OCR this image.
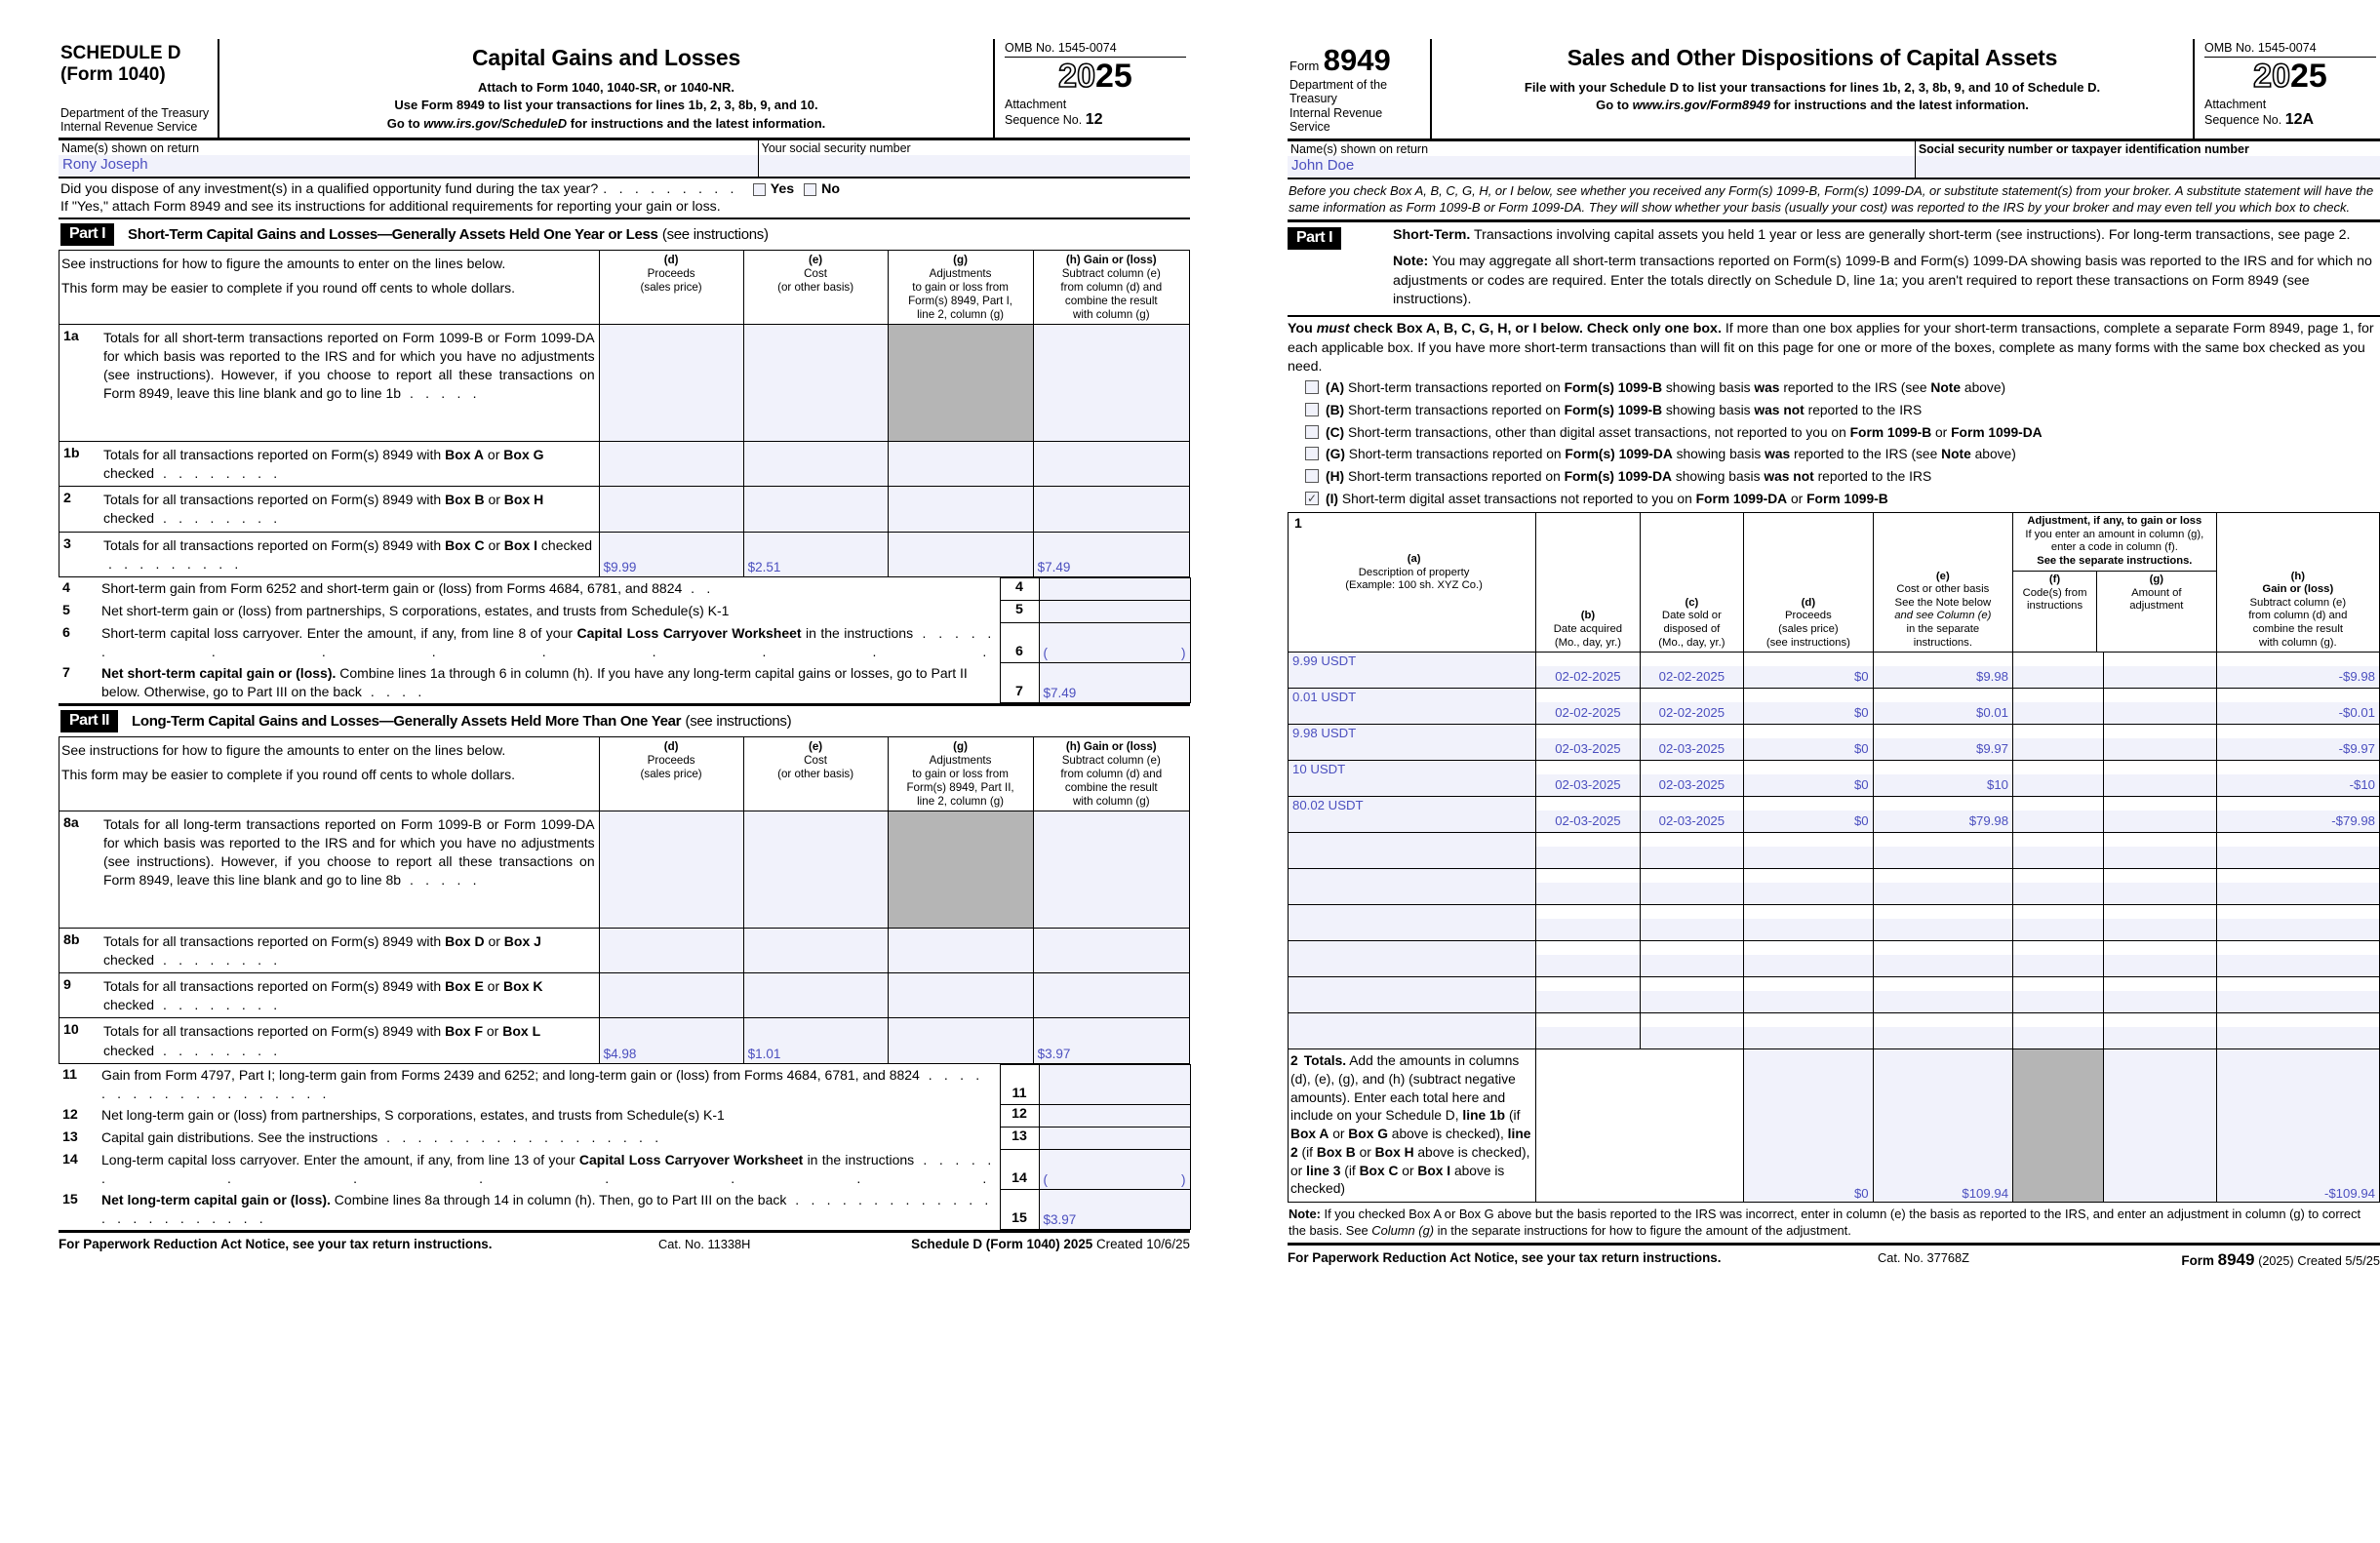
SCHEDULE D
(Form 1040)
Department of the Treasury
Internal Revenue Service
Capital Gains and Losses
Attach to Form 1040, 1040-SR, or 1040-NR.
Use Form 8949 to list your transactions for lines 1b, 2, 3, 8b, 9, and 10.
Go to www.irs.gov/ScheduleD for instructions and the latest information.
OMB No. 1545-0074
2025
Attachment
Sequence No. 12
Name(s) shown on return
Rony Joseph
Your social security number
Did you dispose of any investment(s) in a qualified opportunity fund during the tax year? . . . . . . . . .	Yes No
If "Yes," attach Form 8949 and see its instructions for additional requirements for reporting your gain or loss.
Part I	Short-Term Capital Gains and Losses—Generally Assets Held One Year or Less (see instructions)
See instructions for how to figure the amounts to enter on the lines below.
This form may be easier to complete if you round off cents to whole dollars.
	(d)
Proceeds
(sales price)
	(e)
Cost
(or other basis)
	(g)
Adjustments
to gain or loss from
Form(s) 8949, Part I,
line 2, column (g)
	(h) Gain or (loss)
Subtract column (e)
from column (d) and
combine the result
with column (g)

1a	Totals for all short-term transactions reported on Form 1099-B or Form 1099-DA for which basis was reported to the IRS and for which you have no adjustments (see instructions). However, if you choose to report all these transactions on Form 8949, leave this line blank and go to line 1b . . . . .				
1b	Totals for all transactions reported on Form(s) 8949 with Box A or Box G checked . . . . . . . .				
2	Totals for all transactions reported on Form(s) 8949 with Box B or Box H checked . . . . . . . .				
3	Totals for all transactions reported on Form(s) 8949 with Box C or Box I checked . . . . . . . . .	$9.99	$2.51		$7.49
4	Short-term gain from Form 6252 and short-term gain or (loss) from Forms 4684, 6781, and 8824 . .	4	
5	Net short-term gain or (loss) from partnerships, S corporations, estates, and trusts from Schedule(s) K-1	5	
6	Short-term capital loss carryover. Enter the amount, if any, from line 8 of your Capital Loss Carryover Worksheet in the instructions . . . . . . . . . . . . . .	6	( )

7	Net short-term capital gain or (loss). Combine lines 1a through 6 in column (h). If you have any long-term capital gains or losses, go to Part II below. Otherwise, go to Part III on the back . . . .	7	$7.49
Part II	Long-Term Capital Gains and Losses—Generally Assets Held More Than One Year (see instructions)
See instructions for how to figure the amounts to enter on the lines below.
This form may be easier to complete if you round off cents to whole dollars.
	(d)
Proceeds
(sales price)
	(e)
Cost
(or other basis)
	(g)
Adjustments
to gain or loss from
Form(s) 8949, Part II,
line 2, column (g)
	(h) Gain or (loss)
Subtract column (e)
from column (d) and
combine the result
with column (g)

8a	Totals for all long-term transactions reported on Form 1099-B or Form 1099-DA for which basis was reported to the IRS and for which you have no adjustments (see instructions). However, if you choose to report all these transactions on Form 8949, leave this line blank and go to line 8b . . . . .				
8b	Totals for all transactions reported on Form(s) 8949 with Box D or Box J checked . . . . . . . .				
9	Totals for all transactions reported on Form(s) 8949 with Box E or Box K checked . . . . . . . .				
10	Totals for all transactions reported on Form(s) 8949 with Box F or Box L checked . . . . . . . .	$4.98	$1.01		$3.97
11	Gain from Form 4797, Part I; long-term gain from Forms 2439 and 6252; and long-term gain or (loss) from Forms 4684, 6781, and 8824 . . . . . . . . . . . . . . . . . . .	11	
12	Net long-term gain or (loss) from partnerships, S corporations, estates, and trusts from Schedule(s) K-1	12	
13	Capital gain distributions. See the instructions . . . . . . . . . . . . . . . . . .	13	
14	Long-term capital loss carryover. Enter the amount, if any, from line 13 of your Capital Loss Carryover Worksheet in the instructions . . . . . . . . . . . . .	14	( )

15	Net long-term capital gain or (loss). Combine lines 8a through 14 in column (h). Then, go to Part III on the back . . . . . . . . . . . . . . . . . . . . . . . .	15	$3.97
For Paperwork Reduction Act Notice, see your tax return instructions.	Cat. No. 11338H	Schedule D (Form 1040) 2025 Created 10/6/25
Form 8949
Department of the Treasury
Internal Revenue Service
Sales and Other Dispositions of Capital Assets
File with your Schedule D to list your transactions for lines 1b, 2, 3, 8b, 9, and 10 of Schedule D.
Go to www.irs.gov/Form8949 for instructions and the latest information.
OMB No. 1545-0074
2025
Attachment
Sequence No. 12A
Name(s) shown on return
John Doe
Social security number or taxpayer identification number
Before you check Box A, B, C, G, H, or I below, see whether you received any Form(s) 1099-B, Form(s) 1099-DA, or substitute statement(s) from your broker. A substitute statement will have the same information as Form 1099-B or Form 1099-DA. They will show whether your basis (usually your cost) was reported to the IRS by your broker and may even tell you which box to check.
Part I	Short-Term. Transactions involving capital assets you held 1 year or less are generally short-term (see instructions). For long-term transactions, see page 2.
Note: You may aggregate all short-term transactions reported on Form(s) 1099-B and Form(s) 1099-DA showing basis was reported to the IRS and for which no adjustments or codes are required. Enter the totals directly on Schedule D, line 1a; you aren't required to report these transactions on Form 8949 (see instructions).
You must check Box A, B, C, G, H, or I below. Check only one box. If more than one box applies for your short-term transactions, complete a separate Form 8949, page 1, for each applicable box. If you have more short-term transactions than will fit on this page for one or more of the boxes, complete as many forms with the same box checked as you need.
(A) Short-term transactions reported on Form(s) 1099-B showing basis was reported to the IRS (see Note above)
(B) Short-term transactions reported on Form(s) 1099-B showing basis was not reported to the IRS
(C) Short-term transactions, other than digital asset transactions, not reported to you on Form 1099-B or Form 1099-DA
(G) Short-term transactions reported on Form(s) 1099-DA showing basis was reported to the IRS (see Note above)
(H) Short-term transactions reported on Form(s) 1099-DA showing basis was not reported to the IRS
✓
(I) Short-term digital asset transactions not reported to you on Form 1099-DA or Form 1099-B
1
(a)
Description of property
(Example: 100 sh. XYZ Co.)
	(b)
Date acquired
(Mo., day, yr.)
	(c)
Date sold or
disposed of
(Mo., day, yr.)
	(d)
Proceeds
(sales price)
(see instructions)
	(e)
Cost or other basis
See the Note below
and see Column (e)
in the separate
instructions.

Adjustment, if any, to gain or loss
If you enter an amount in column (g),
enter a code in column (f).
See the separate instructions.
(f)
Code(s) from
instructions
(g)
Amount of
adjustment
	(h)
Gain or (loss)
Subtract column (e)
from column (d) and
combine the result
with column (g).

9.99 USDT							
	02-02-2025	02-02-2025	$0	$9.98			-$9.98
0.01 USDT							
	02-02-2025	02-02-2025	$0	$0.01			-$0.01
9.98 USDT							
	02-03-2025	02-03-2025	$0	$9.97			-$9.97
10 USDT							
	02-03-2025	02-03-2025	$0	$10			-$10
80.02 USDT							
	02-03-2025	02-03-2025	$0	$79.98			-$79.98

2 Totals. Add the amounts in columns (d), (e), (g), and (h) (subtract negative amounts). Enter each total here and include on your Schedule D, line 1b (if Box A or Box G above is checked), line 2 (if Box B or Box H above is checked), or line 3 (if Box C or Box I above is checked)			$0	$109.94			-$109.94
Note: If you checked Box A or Box G above but the basis reported to the IRS was incorrect, enter in column (e) the basis as reported to the IRS, and enter an adjustment in column (g) to correct the basis. See Column (g) in the separate instructions for how to figure the amount of the adjustment.
For Paperwork Reduction Act Notice, see your tax return instructions.	Cat. No. 37768Z	Form 8949 (2025) Created 5/5/25
